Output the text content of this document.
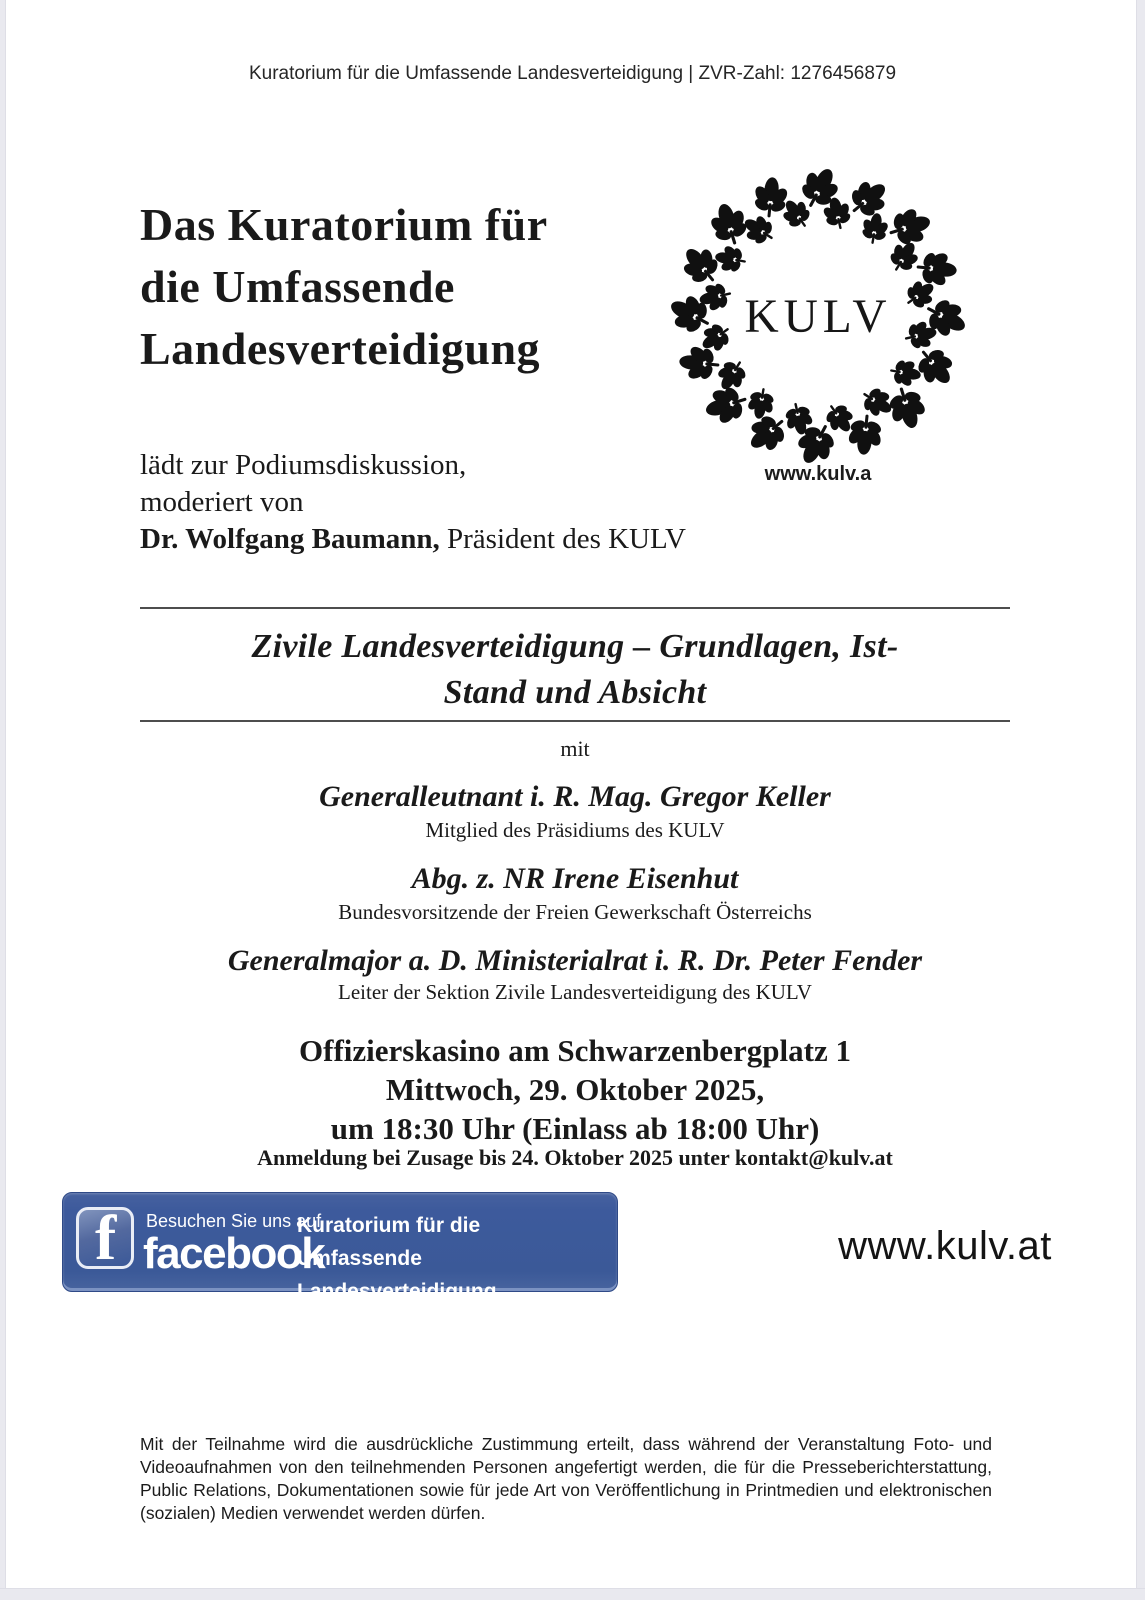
Kuratorium für die Umfassende Landesverteidigung | ZVR-Zahl: 1276456879
Das Kuratorium für
die Umfassende
Landesverteidigung
KULV
www.kulv.a
lädt zur Podiumsdiskussion,
moderiert von
Dr. Wolfgang Baumann, Präsident des KULV
Zivile Landesverteidigung – Grundlagen, Ist-
Stand und Absicht
mit
Generalleutnant i. R. Mag. Gregor Keller
Mitglied des Präsidiums des KULV
Abg. z. NR Irene Eisenhut
Bundesvorsitzende der Freien Gewerkschaft Österreichs
Generalmajor a. D. Ministerialrat i. R. Dr. Peter Fender
Leiter der Sektion Zivile Landesverteidigung des KULV
Offizierskasino am Schwarzenbergplatz 1
Mittwoch, 29. Oktober 2025,
um 18:30 Uhr (Einlass ab 18:00 Uhr)
Anmeldung bei Zusage bis 24. Oktober 2025 unter kontakt@kulv.at
f Besuchen Sie uns auf
facebook
Kuratorium für die
Umfassende Landesverteidigung
www.kulv.at
Mit der Teilnahme wird die ausdrückliche Zustimmung erteilt, dass während der Veranstaltung Foto- und Videoaufnahmen von den teilnehmenden Personen angefertigt werden, die für die Presseberichterstattung, Public Relations, Dokumentationen sowie für jede Art von Veröffentlichung in Printmedien und elektronischen (sozialen) Medien verwendet werden dürfen.
